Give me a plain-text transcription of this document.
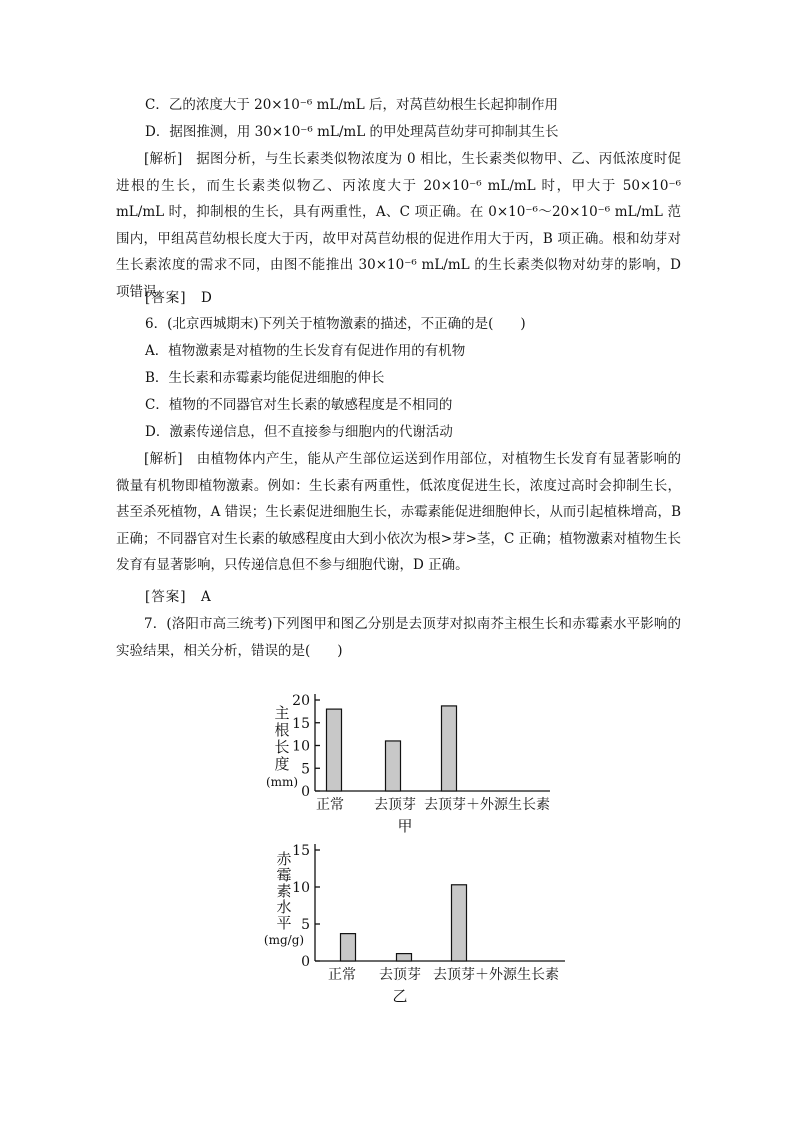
C．乙的浓度大于 20×10⁻⁶ mL/mL 后，对莴苣幼根生长起抑制作用
D．据图推测，用 30×10⁻⁶ mL/mL 的甲处理莴苣幼芽可抑制其生长
[解析]　据图分析，与生长素类似物浓度为 0 相比，生长素类似物甲、乙、丙低浓度时促进根的生长，而生长素类似物乙、丙浓度大于 20×10⁻⁶ mL/mL 时，甲大于 50×10⁻⁶ mL/mL 时，抑制根的生长，具有两重性，A、C 项正确。在 0×10⁻⁶～20×10⁻⁶ mL/mL 范围内，甲组莴苣幼根长度大于丙，故甲对莴苣幼根的促进作用大于丙，B 项正确。根和幼芽对生长素浓度的需求不同，由图不能推出 30×10⁻⁶ mL/mL 的生长素类似物对幼芽的影响，D 项错误。
[答案]　D
6．(北京西城期末)下列关于植物激素的描述，不正确的是(　　)
A．植物激素是对植物的生长发育有促进作用的有机物
B．生长素和赤霉素均能促进细胞的伸长
C．植物的不同器官对生长素的敏感程度是不相同的
D．激素传递信息，但不直接参与细胞内的代谢活动
[解析]　由植物体内产生，能从产生部位运送到作用部位，对植物生长发育有显著影响的微量有机物即植物激素。例如：生长素有两重性，低浓度促进生长，浓度过高时会抑制生长，甚至杀死植物，A 错误；生长素促进细胞生长，赤霉素能促进细胞伸长，从而引起植株增高，B 正确；不同器官对生长素的敏感程度由大到小依次为根>芽>茎，C 正确；植物激素对植物生长发育有显著影响，只传递信息但不参与细胞代谢，D 正确。
[答案]　A
7．(洛阳市高三统考)下列图甲和图乙分别是去顶芽对拟南芥主根生长和赤霉素水平影响的实验结果，相关分析，错误的是(　　)
主
根
长
度
(mm)
0
5
10
15
20
正常 去顶芽 去顶芽＋外源生长素
甲
赤
霉
素
水
平
(mg/g)
0
5
10
15
正常 去顶芽 去顶芽＋外源生长素
乙
